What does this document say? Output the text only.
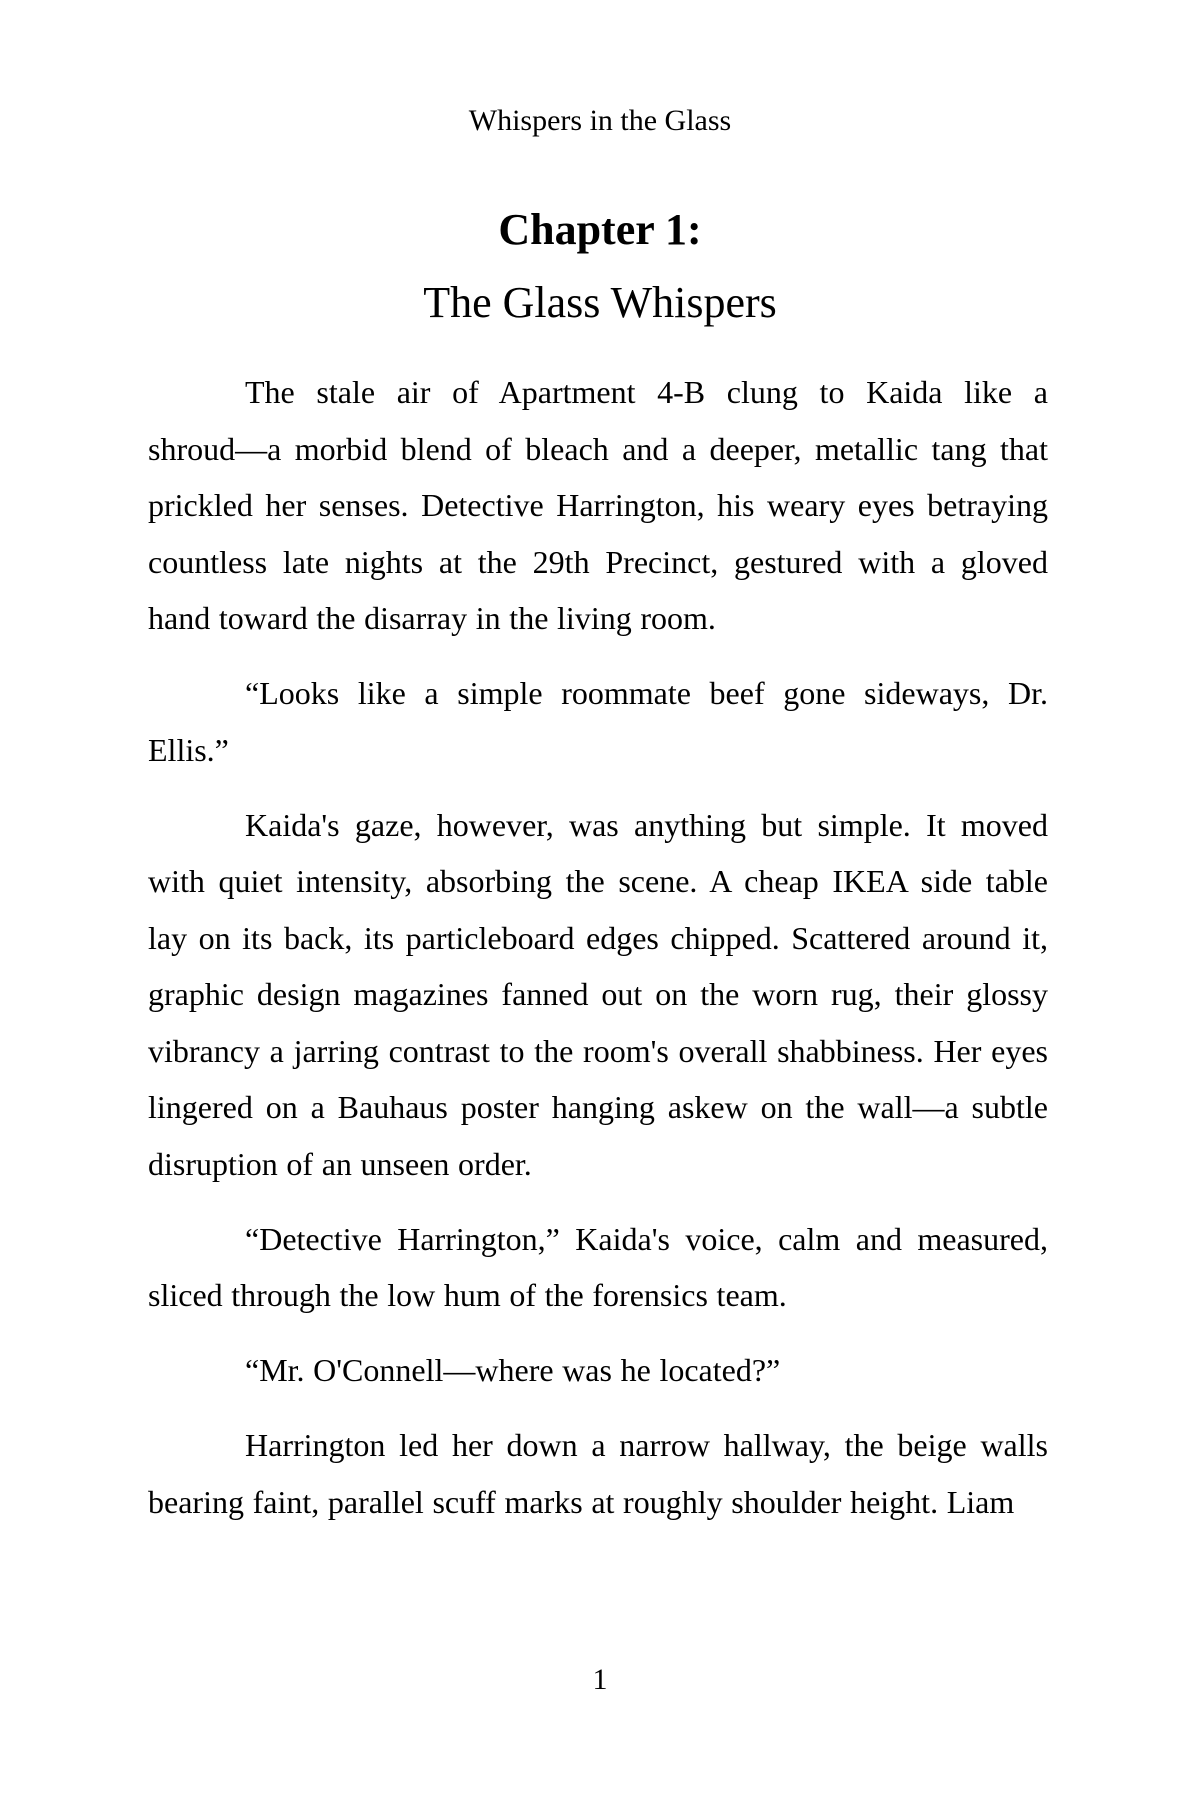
Whispers in the Glass
Chapter 1:
The Glass Whispers
The stale air of Apartment 4-B clung to Kaida like a
shroud—a morbid blend of bleach and a deeper, metallic tang that
prickled her senses. Detective Harrington, his weary eyes betraying
countless late nights at the 29th Precinct, gestured with a gloved
hand toward the disarray in the living room.
“Looks like a simple roommate beef gone sideways, Dr.
Ellis.”
Kaida's gaze, however, was anything but simple. It moved
with quiet intensity, absorbing the scene. A cheap IKEA side table
lay on its back, its particleboard edges chipped. Scattered around it,
graphic design magazines fanned out on the worn rug, their glossy
vibrancy a jarring contrast to the room's overall shabbiness. Her eyes
lingered on a Bauhaus poster hanging askew on the wall—a subtle
disruption of an unseen order.
“Detective Harrington,” Kaida's voice, calm and measured,
sliced through the low hum of the forensics team.
“Mr. O'Connell—where was he located?”
Harrington led her down a narrow hallway, the beige walls
bearing faint, parallel scuff marks at roughly shoulder height. Liam
1
